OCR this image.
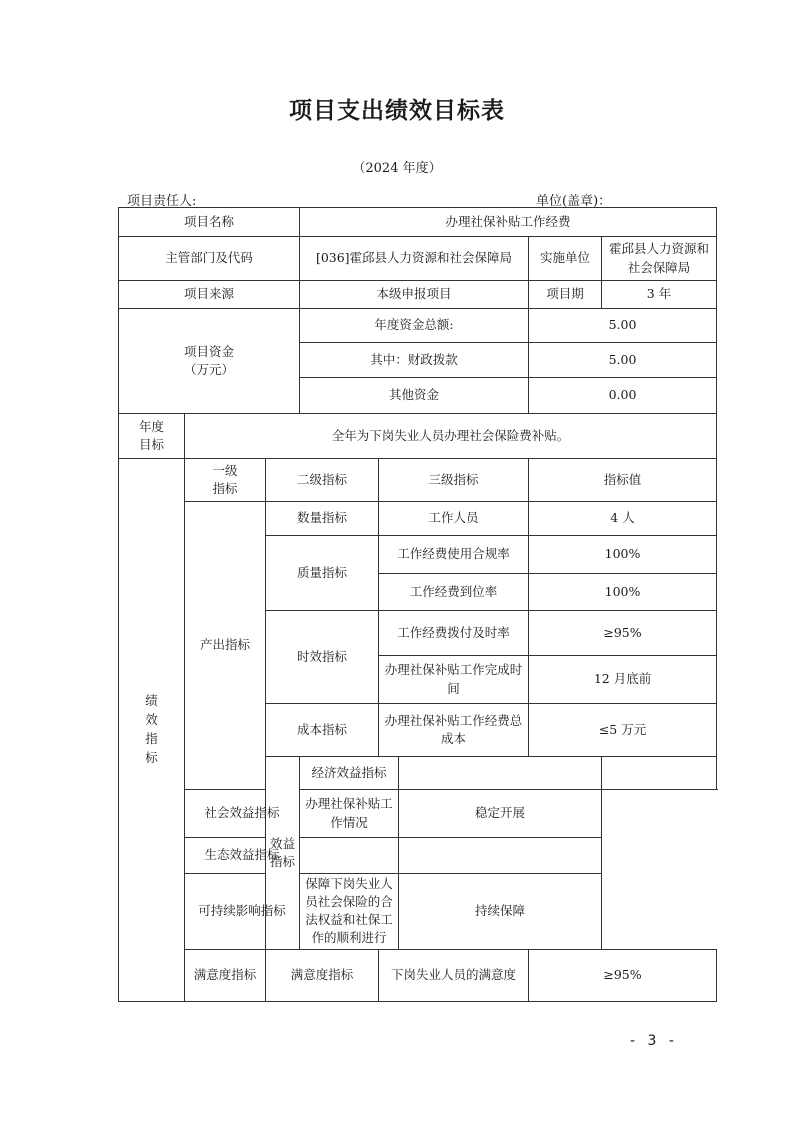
项目支出绩效目标表
（2024 年度）
项目责任人:	单位(盖章)：
项目名称			办理社保补贴工作经费				
主管部门及代码			[036]霍邱县人力资源和社会保障局			实施单位	霍邱县人力资源和社会保障局
项目来源			本级申报项目			项目期	3 年

项目资金（万元）			年度资金总额:			5.00	
			其中：财政拨款			5.00	
			其他资金			0.00	

年度目标	全年为下岗失业人员办理社会保险费补贴。						

绩效指标	一级指标	二级指标		三级指标		指标值	
	产出指标	数量指标		工作人员		4 人	
		质量指标		工作经费使用合规率		100%	
				工作经费到位率		100%	
		时效指标		工作经费拨付及时率		≥95%	
				办理社保补贴工作完成时间		12 月底前	
		成本指标		办理社保补贴工作经费总成本		≤5 万元	
		效益指标	经济效益指标				
	社会效益指标		办理社保补贴工作情况		稳定开展		
	生态效益指标						
	可持续影响指标		保障下岗失业人员社会保险的合法权益和社保工作的顺利进行		持续保障		
	满意度指标	满意度指标		下岗失业人员的满意度		≥95%	
- 3 -
